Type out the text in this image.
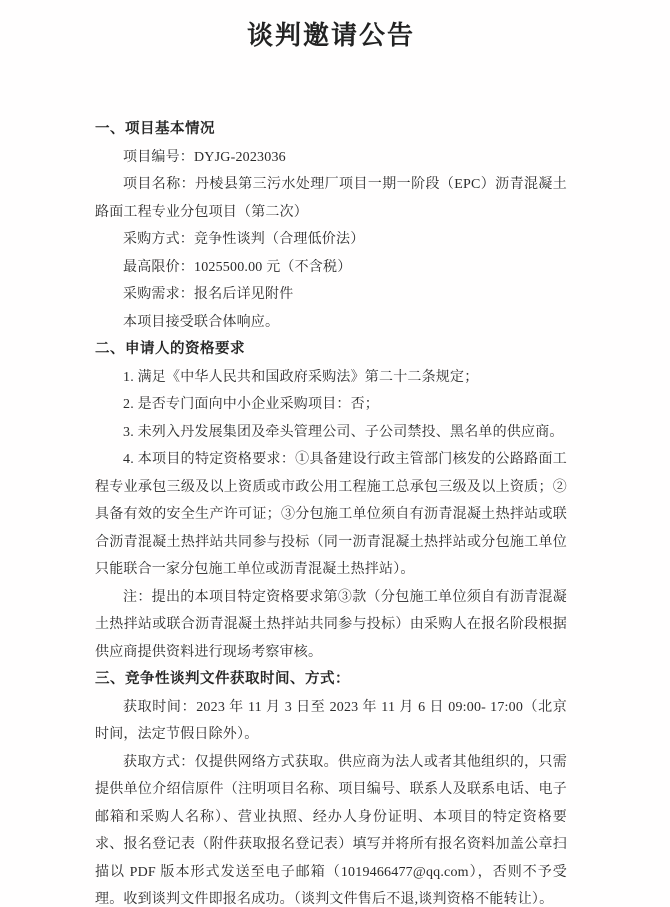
谈判邀请公告
一、项目基本情况

项目编号：DYJG-2023036

项目名称：丹棱县第三污水处理厂项目一期一阶段（EPC）沥青混凝土路面工程专业分包项目（第二次）

采购方式：竞争性谈判（合理低价法）

最高限价：1025500.00 元（不含税）

采购需求：报名后详见附件

本项目接受联合体响应。

二、申请人的资格要求

1. 满足《中华人民共和国政府采购法》第二十二条规定；

2. 是否专门面向中小企业采购项目：否；

3. 未列入丹发展集团及牵头管理公司、子公司禁投、黑名单的供应商。

4. 本项目的特定资格要求：①具备建设行政主管部门核发的公路路面工程专业承包三级及以上资质或市政公用工程施工总承包三级及以上资质；②具备有效的安全生产许可证；③分包施工单位须自有沥青混凝土热拌站或联合沥青混凝土热拌站共同参与投标（同一沥青混凝土热拌站或分包施工单位只能联合一家分包施工单位或沥青混凝土热拌站）。

注：提出的本项目特定资格要求第③款（分包施工单位须自有沥青混凝土热拌站或联合沥青混凝土热拌站共同参与投标）由采购人在报名阶段根据供应商提供资料进行现场考察审核。

三、竞争性谈判文件获取时间、方式：

获取时间：2023 年 11 月 3 日至 2023 年 11 月 6 日 09:00- 17:00（北京时间，法定节假日除外）。

获取方式：仅提供网络方式获取。供应商为法人或者其他组织的，只需提供单位介绍信原件（注明项目名称、项目编号、联系人及联系电话、电子邮箱和采购人名称）、营业执照、经办人身份证明、本项目的特定资格要求、报名登记表（附件获取报名登记表）填写并将所有报名资料加盖公章扫描以 PDF 版本形式发送至电子邮箱（1019466477@qq.com），否则不予受理。收到谈判文件即报名成功。（谈判文件售后不退,谈判资格不能转让）。
